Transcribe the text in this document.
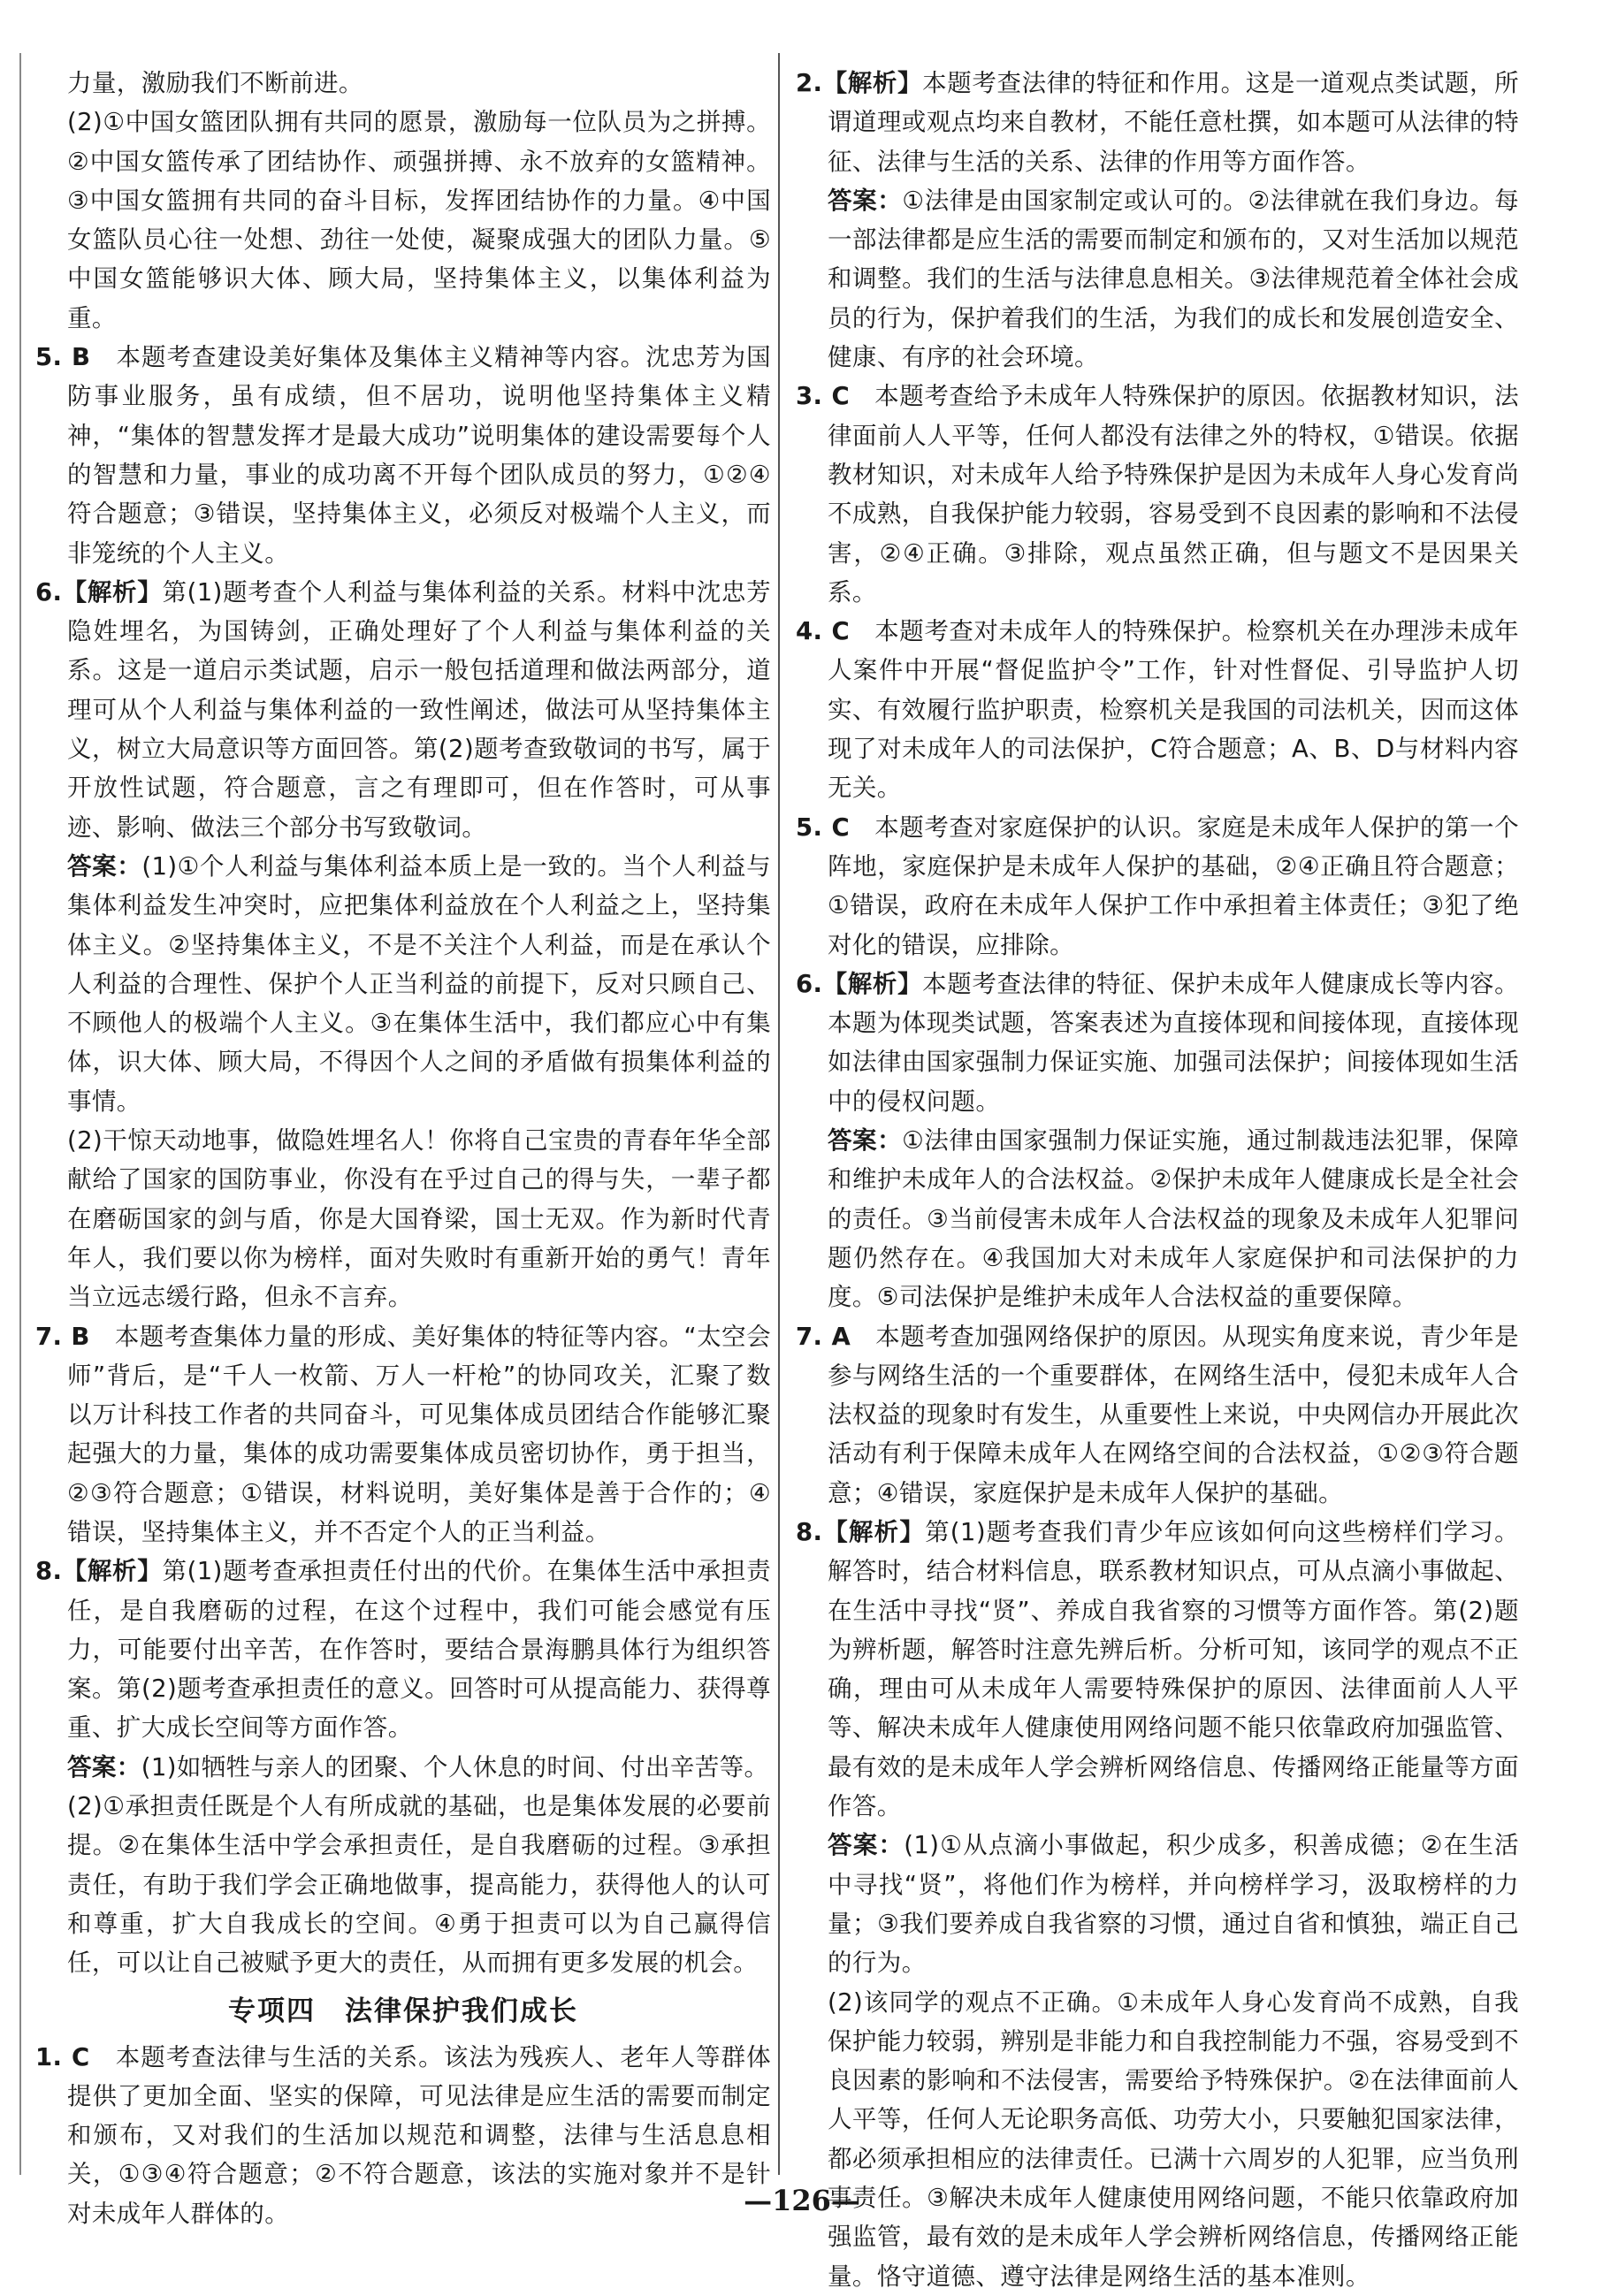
力量，激励我们不断前进。

(2)①中国女篮团队拥有共同的愿景，激励每一位队员为之拼搏。②中国女篮传承了团结协作、顽强拼搏、永不放弃的女篮精神。③中国女篮拥有共同的奋斗目标，发挥团结协作的力量。④中国女篮队员心往一处想、劲往一处使，凝聚成强大的团队力量。⑤中国女篮能够识大体、顾大局，坚持集体主义，以集体利益为重。

5. B　 本题考查建设美好集体及集体主义精神等内容。沈忠芳为国防事业服务，虽有成绩，但不居功，说明他坚持集体主义精神，“集体的智慧发挥才是最大成功”说明集体的建设需要每个人的智慧和力量，事业的成功离不开每个团队成员的努力，①②④符合题意；③错误，坚持集体主义，必须反对极端个人主义，而非笼统的个人主义。

6.【解析】第(1)题考查个人利益与集体利益的关系。材料中沈忠芳隐姓埋名，为国铸剑，正确处理好了个人利益与集体利益的关系。这是一道启示类试题，启示一般包括道理和做法两部分，道理可从个人利益与集体利益的一致性阐述，做法可从坚持集体主义，树立大局意识等方面回答。第(2)题考查致敬词的书写，属于开放性试题，符合题意，言之有理即可，但在作答时，可从事迹、影响、做法三个部分书写致敬词。

答案：(1)①个人利益与集体利益本质上是一致的。当个人利益与集体利益发生冲突时，应把集体利益放在个人利益之上，坚持集体主义。②坚持集体主义，不是不关注个人利益，而是在承认个人利益的合理性、保护个人正当利益的前提下，反对只顾自己、不顾他人的极端个人主义。③在集体生活中，我们都应心中有集体，识大体、顾大局，不得因个人之间的矛盾做有损集体利益的事情。

(2)干惊天动地事，做隐姓埋名人！你将自己宝贵的青春年华全部献给了国家的国防事业，你没有在乎过自己的得与失，一辈子都在磨砺国家的剑与盾，你是大国脊梁，国士无双。作为新时代青年人，我们要以你为榜样，面对失败时有重新开始的勇气！青年当立远志缓行路，但永不言弃。

7. B　 本题考查集体力量的形成、美好集体的特征等内容。“太空会师”背后，是“千人一枚箭、万人一杆枪”的协同攻关，汇聚了数以万计科技工作者的共同奋斗，可见集体成员团结合作能够汇聚起强大的力量，集体的成功需要集体成员密切协作，勇于担当，②③符合题意；①错误，材料说明，美好集体是善于合作的；④错误，坚持集体主义，并不否定个人的正当利益。

8.【解析】第(1)题考查承担责任付出的代价。在集体生活中承担责任，是自我磨砺的过程，在这个过程中，我们可能会感觉有压力，可能要付出辛苦，在作答时，要结合景海鹏具体行为组织答案。第(2)题考查承担责任的意义。回答时可从提高能力、获得尊重、扩大成长空间等方面作答。

答案：(1)如牺牲与亲人的团聚、个人休息的时间、付出辛苦等。

(2)①承担责任既是个人有所成就的基础，也是集体发展的必要前提。②在集体生活中学会承担责任，是自我磨砺的过程。③承担责任，有助于我们学会正确地做事，提高能力，获得他人的认可和尊重，扩大自我成长的空间。④勇于担责可以为自己赢得信任，可以让自己被赋予更大的责任，从而拥有更多发展的机会。

专项四　法律保护我们成长

1. C　 本题考查法律与生活的关系。该法为残疾人、老年人等群体提供了更加全面、坚实的保障，可见法律是应生活的需要而制定和颁布，又对我们的生活加以规范和调整，法律与生活息息相关，①③④符合题意；②不符合题意，该法的实施对象并不是针对未成年人群体的。

2.【解析】本题考查法律的特征和作用。这是一道观点类试题，所谓道理或观点均来自教材，不能任意杜撰，如本题可从法律的特征、法律与生活的关系、法律的作用等方面作答。

答案：①法律是由国家制定或认可的。②法律就在我们身边。每一部法律都是应生活的需要而制定和颁布的，又对生活加以规范和调整。我们的生活与法律息息相关。③法律规范着全体社会成员的行为，保护着我们的生活，为我们的成长和发展创造安全、健康、有序的社会环境。

3. C　 本题考查给予未成年人特殊保护的原因。依据教材知识，法律面前人人平等，任何人都没有法律之外的特权，①错误。依据教材知识，对未成年人给予特殊保护是因为未成年人身心发育尚不成熟，自我保护能力较弱，容易受到不良因素的影响和不法侵害，②④正确。③排除，观点虽然正确，但与题文不是因果关系。

4. C　 本题考查对未成年人的特殊保护。检察机关在办理涉未成年人案件中开展“督促监护令”工作，针对性督促、引导监护人切实、有效履行监护职责，检察机关是我国的司法机关，因而这体现了对未成年人的司法保护，C符合题意；A、B、D与材料内容无关。

5. C　 本题考查对家庭保护的认识。家庭是未成年人保护的第一个阵地，家庭保护是未成年人保护的基础，②④正确且符合题意；①错误，政府在未成年人保护工作中承担着主体责任；③犯了绝对化的错误，应排除。

6.【解析】本题考查法律的特征、保护未成年人健康成长等内容。本题为体现类试题，答案表述为直接体现和间接体现，直接体现如法律由国家强制力保证实施、加强司法保护；间接体现如生活中的侵权问题。

答案：①法律由国家强制力保证实施，通过制裁违法犯罪，保障和维护未成年人的合法权益。②保护未成年人健康成长是全社会的责任。③当前侵害未成年人合法权益的现象及未成年人犯罪问题仍然存在。④我国加大对未成年人家庭保护和司法保护的力度。⑤司法保护是维护未成年人合法权益的重要保障。

7. A　 本题考查加强网络保护的原因。从现实角度来说，青少年是参与网络生活的一个重要群体，在网络生活中，侵犯未成年人合法权益的现象时有发生，从重要性上来说，中央网信办开展此次活动有利于保障未成年人在网络空间的合法权益，①②③符合题意；④错误，家庭保护是未成年人保护的基础。

8.【解析】第(1)题考查我们青少年应该如何向这些榜样们学习。解答时，结合材料信息，联系教材知识点，可从点滴小事做起、在生活中寻找“贤”、养成自我省察的习惯等方面作答。第(2)题为辨析题，解答时注意先辨后析。分析可知，该同学的观点不正确，理由可从未成年人需要特殊保护的原因、法律面前人人平等、解决未成年人健康使用网络问题不能只依靠政府加强监管、最有效的是未成年人学会辨析网络信息、传播网络正能量等方面作答。

答案：(1)①从点滴小事做起，积少成多，积善成德；②在生活中寻找“贤”，将他们作为榜样，并向榜样学习，汲取榜样的力量；③我们要养成自我省察的习惯，通过自省和慎独，端正自己的行为。

(2)该同学的观点不正确。①未成年人身心发育尚不成熟，自我保护能力较弱，辨别是非能力和自我控制能力不强，容易受到不良因素的影响和不法侵害，需要给予特殊保护。②在法律面前人人平等，任何人无论职务高低、功劳大小，只要触犯国家法律，都必须承担相应的法律责任。已满十六周岁的人犯罪，应当负刑事责任。③解决未成年人健康使用网络问题，不能只依靠政府加强监管，最有效的是未成年人学会辨析网络信息，传播网络正能量。恪守道德、遵守法律是网络生活的基本准则。

—126—
